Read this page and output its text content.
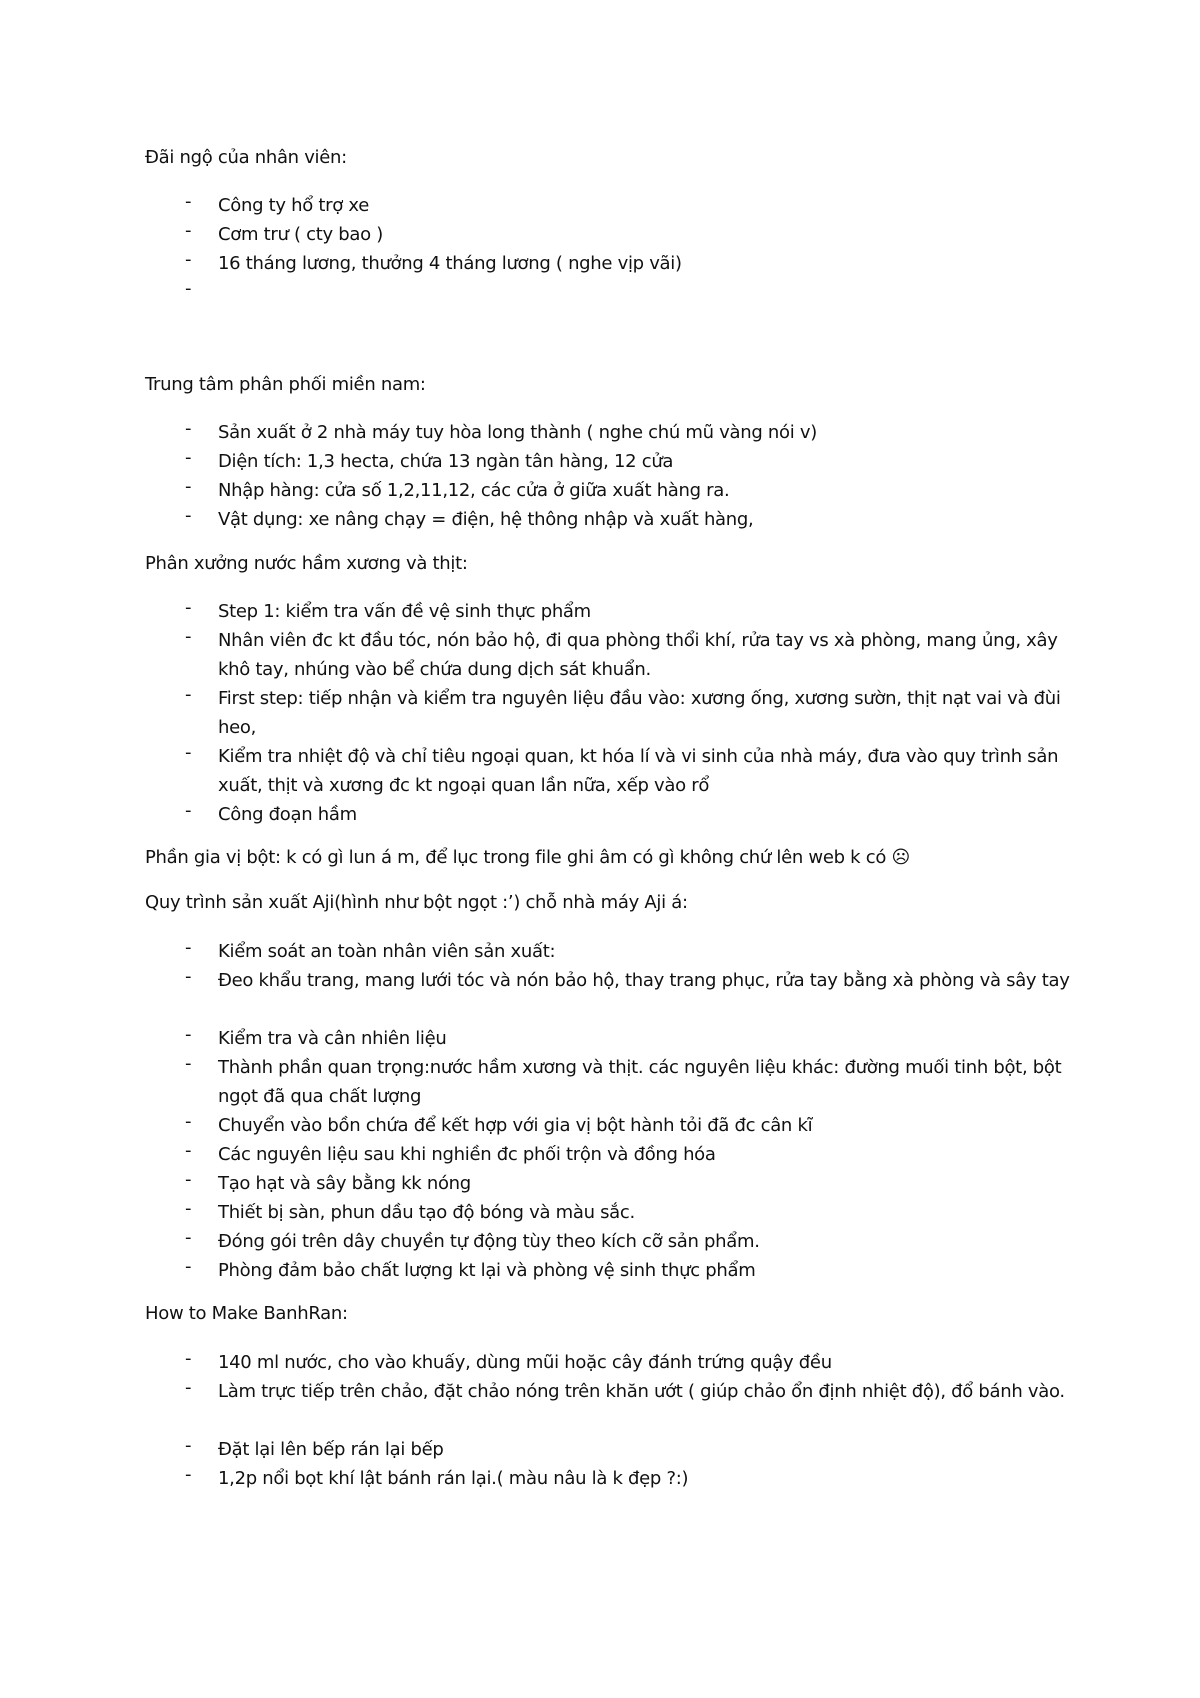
Đãi ngộ của nhân viên:

- Công ty hổ trợ xe
- Cơm trư ( cty bao )
- 16 tháng lương, thưởng 4 tháng lương ( nghe vịp vãi)
-

Trung tâm phân phối miền nam:

- Sản xuất ở 2 nhà máy tuy hòa long thành ( nghe chú mũ vàng nói v)
- Diện tích: 1,3 hecta, chứa 13 ngàn tân hàng, 12 cửa
- Nhập hàng: cửa số 1,2,11,12, các cửa ở giữa xuất hàng ra.
- Vật dụng: xe nâng chạy = điện, hệ thông nhập và xuất hàng,

Phân xưởng nước hầm xương và thịt:

- Step 1: kiểm tra vấn đề vệ sinh thực phẩm
- Nhân viên đc kt đầu tóc, nón bảo hộ, đi qua phòng thổi khí, rửa tay vs xà phòng, mang ủng, xây khô tay, nhúng vào bể chứa dung dịch sát khuẩn.
- First step: tiếp nhận và kiểm tra nguyên liệu đầu vào: xương ống, xương sườn, thịt nạt vai và đùi heo,
- Kiểm tra nhiệt độ và chỉ tiêu ngoại quan, kt hóa lí và vi sinh của nhà máy, đưa vào quy trình sản xuất, thịt và xương đc kt ngoại quan lần nữa, xếp vào rổ
- Công đoạn hầm

Phần gia vị bột: k có gì lun á m, để lục trong file ghi âm có gì không chứ lên web k có ☹

Quy trình sản xuất Aji(hình như bột ngọt :’) chỗ nhà máy Aji á:

- Kiểm soát an toàn nhân viên sản xuất:
- Đeo khẩu trang, mang lưới tóc và nón bảo hộ, thay trang phục, rửa tay bằng xà phòng và sây tay
- Kiểm tra và cân nhiên liệu
- Thành phần quan trọng:nước hầm xương và thịt. các nguyên liệu khác: đường muối tinh bột, bột ngọt đã qua chất lượng
- Chuyển vào bồn chứa để kết hợp với gia vị bột hành tỏi đã đc cân kĩ
- Các nguyên liệu sau khi nghiền đc phối trộn và đồng hóa
- Tạo hạt và sây bằng kk nóng
- Thiết bị sàn, phun dầu tạo độ bóng và màu sắc.
- Đóng gói trên dây chuyền tự động tùy theo kích cỡ sản phẩm.
- Phòng đảm bảo chất lượng kt lại và phòng vệ sinh thực phẩm

How to Make BanhRan:

- 140 ml nước, cho vào khuấy, dùng mũi hoặc cây đánh trứng quậy đều
- Làm trực tiếp trên chảo, đặt chảo nóng trên khăn ướt ( giúp chảo ổn định nhiệt độ), đổ bánh vào.
- Đặt lại lên bếp rán lại bếp
- 1,2p nổi bọt khí lật bánh rán lại.( màu nâu là k đẹp ?:)
